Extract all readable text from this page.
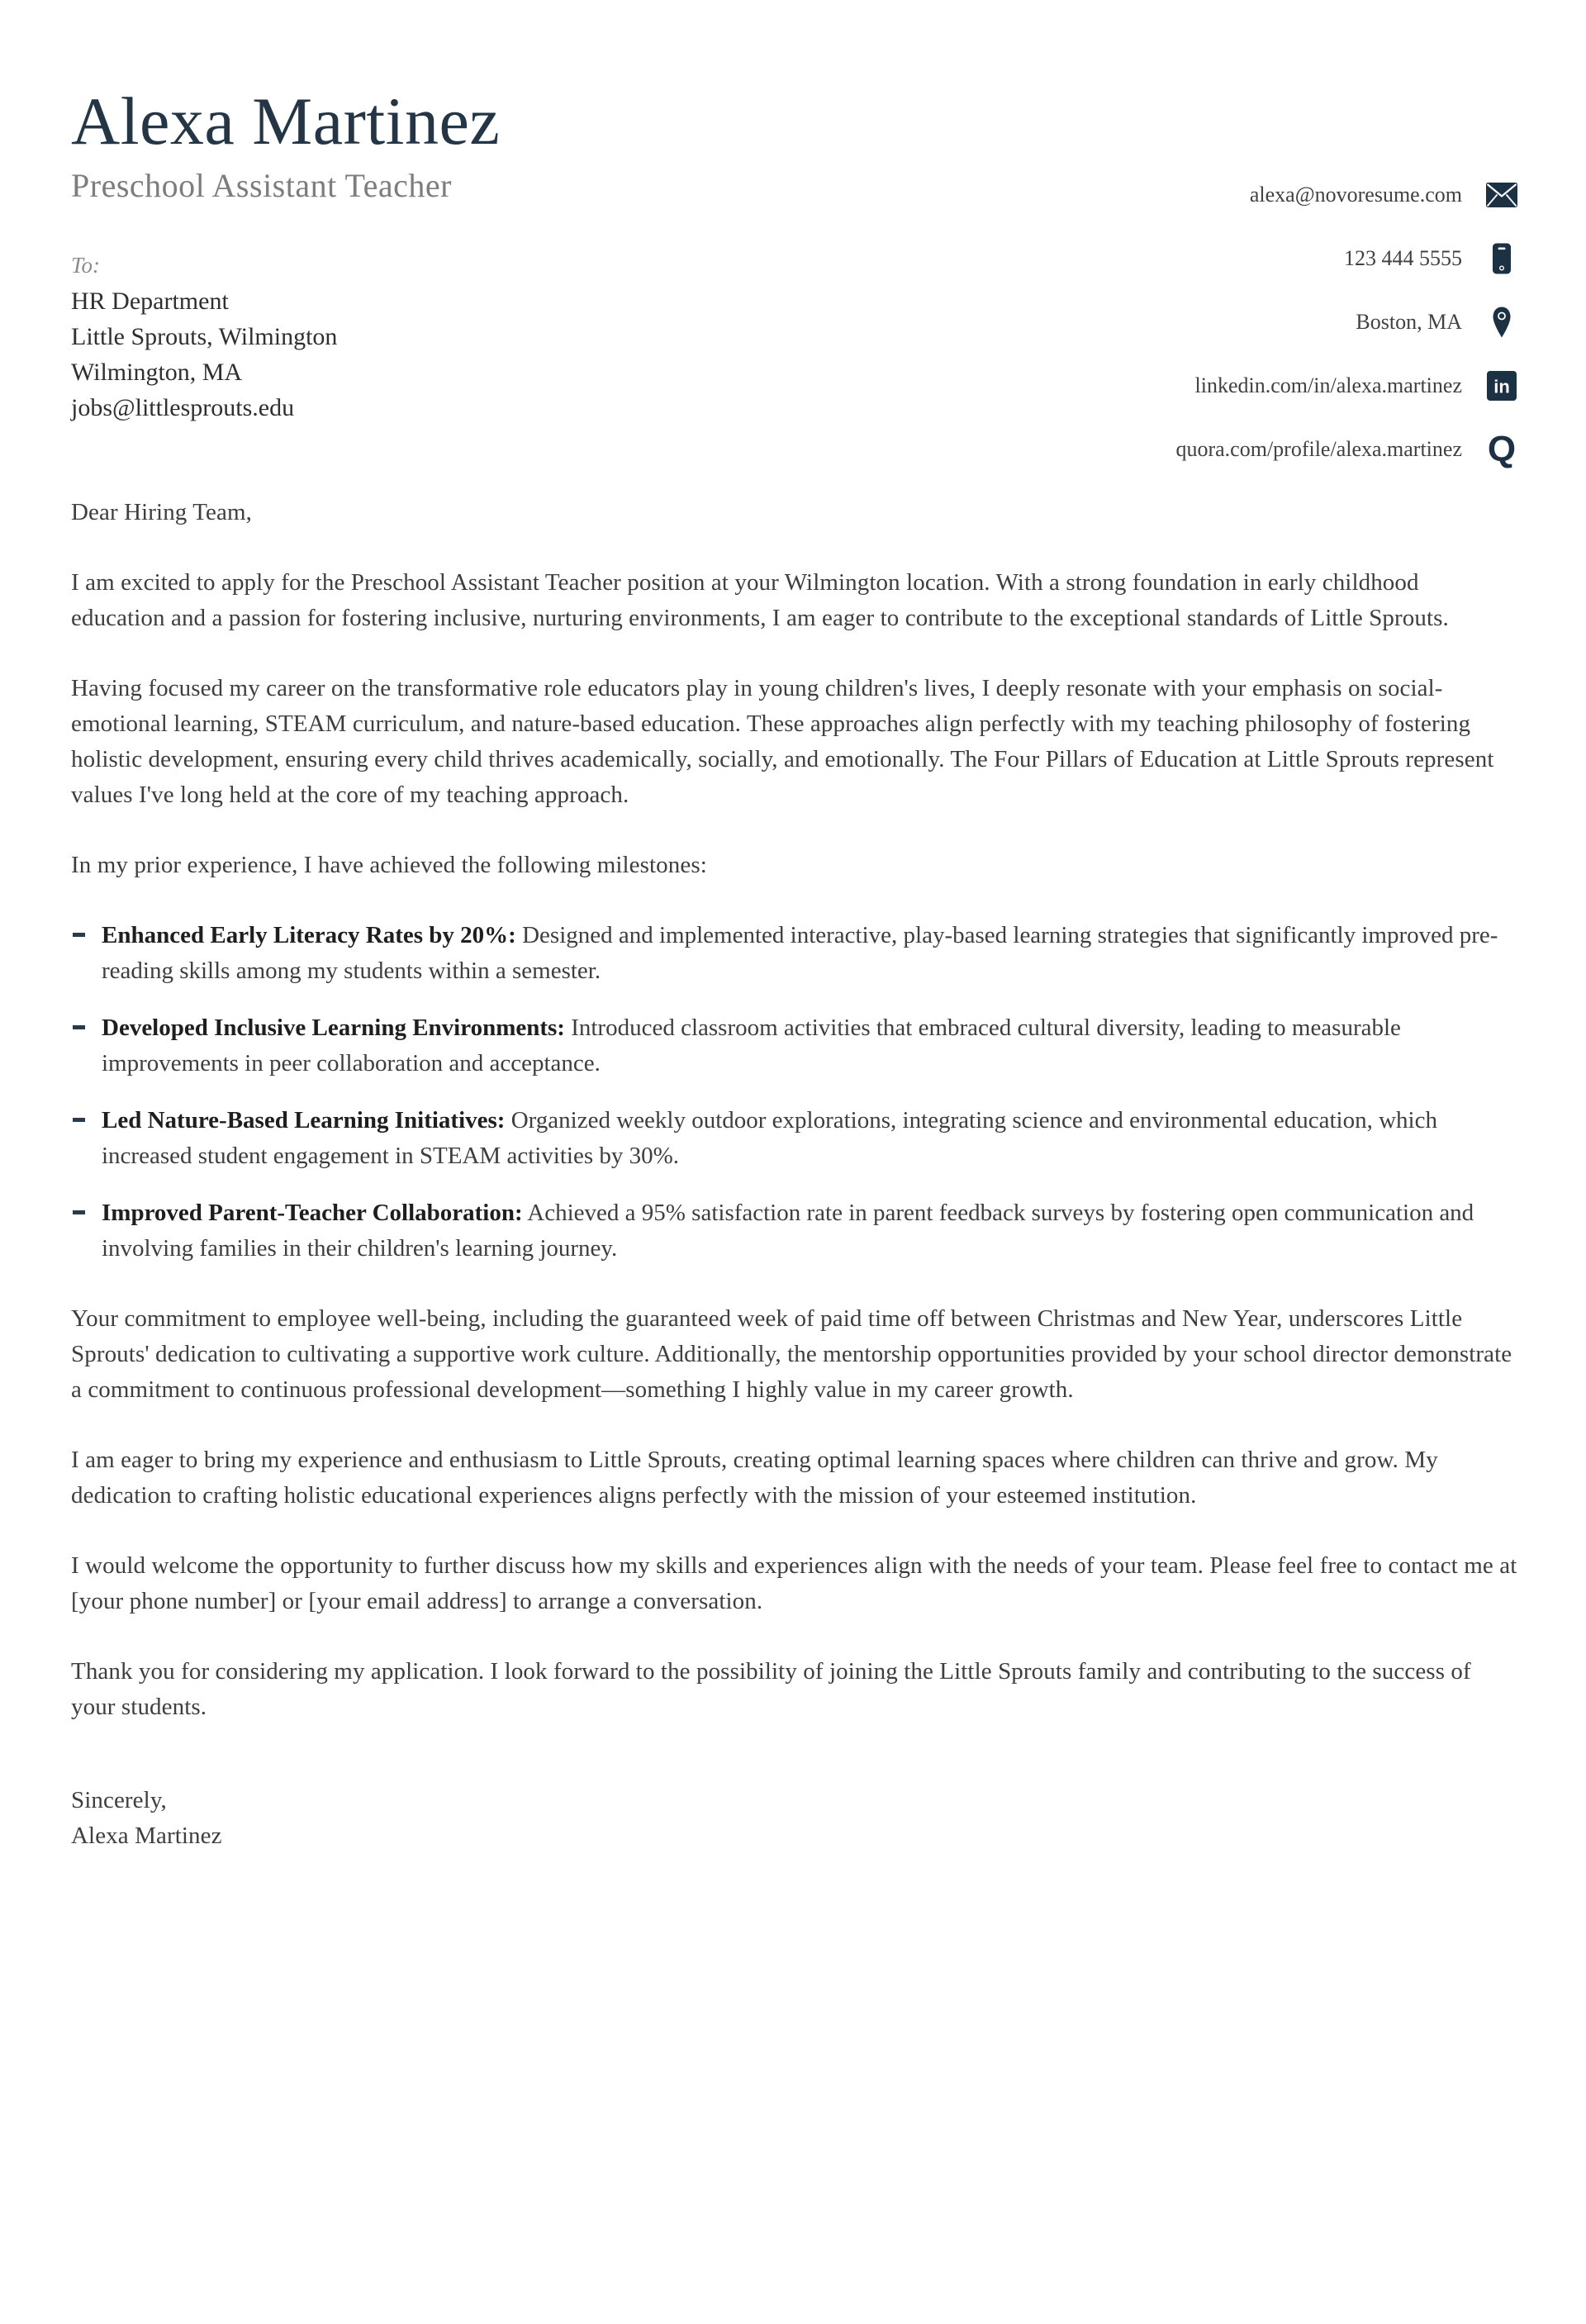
Alexa Martinez
Preschool Assistant Teacher	alexa@novoresume.com
123 444 5555
Boston, MA
linkedin.com/in/alexa.martinez in
quora.com/profile/alexa.martinez Q
To:
HR Department
Little Sprouts, Wilmington
Wilmington, MA
jobs@littlesprouts.edu

Dear Hiring Team,

I am excited to apply for the Preschool Assistant Teacher position at your Wilmington location. With a strong foundation in early childhood education and a passion for fostering inclusive, nurturing environments, I am eager to contribute to the exceptional standards of Little Sprouts.

Having focused my career on the transformative role educators play in young children's lives, I deeply resonate with your emphasis on social-emotional learning, STEAM curriculum, and nature-based education. These approaches align perfectly with my teaching philosophy of fostering holistic development, ensuring every child thrives academically, socially, and emotionally. The Four Pillars of Education at Little Sprouts represent values I've long held at the core of my teaching approach.

In my prior experience, I have achieved the following milestones:

Enhanced Early Literacy Rates by 20%: Designed and implemented interactive, play-based learning strategies that significantly improved pre-reading skills among my students within a semester.
Developed Inclusive Learning Environments: Introduced classroom activities that embraced cultural diversity, leading to measurable improvements in peer collaboration and acceptance.
Led Nature-Based Learning Initiatives: Organized weekly outdoor explorations, integrating science and environmental education, which increased student engagement in STEAM activities by 30%.
Improved Parent-Teacher Collaboration: Achieved a 95% satisfaction rate in parent feedback surveys by fostering open communication and involving families in their children's learning journey.

Your commitment to employee well-being, including the guaranteed week of paid time off between Christmas and New Year, underscores Little Sprouts' dedication to cultivating a supportive work culture. Additionally, the mentorship opportunities provided by your school director demonstrate a commitment to continuous professional development—something I highly value in my career growth.

I am eager to bring my experience and enthusiasm to Little Sprouts, creating optimal learning spaces where children can thrive and grow. My dedication to crafting holistic educational experiences aligns perfectly with the mission of your esteemed institution.

I would welcome the opportunity to further discuss how my skills and experiences align with the needs of your team. Please feel free to contact me at [your phone number] or [your email address] to arrange a conversation.

Thank you for considering my application. I look forward to the possibility of joining the Little Sprouts family and contributing to the success of your students.

Sincerely,

Alexa Martinez
